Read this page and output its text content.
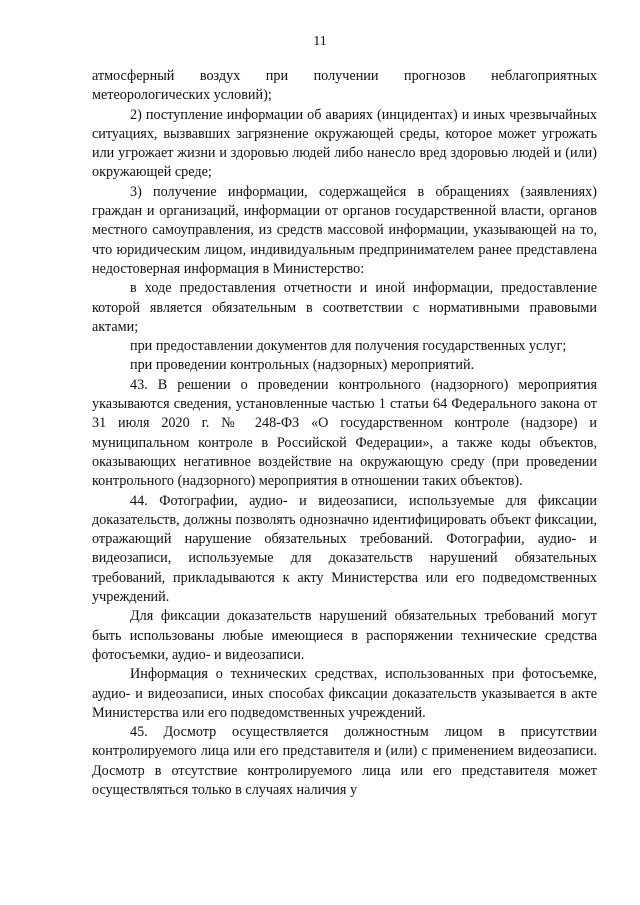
11

атмосферный воздух при получении прогнозов неблагоприятных метеорологических условий);

2) поступление информации об авариях (инцидентах) и иных чрезвычайных ситуациях, вызвавших загрязнение окружающей среды, которое может угрожать или угрожает жизни и здоровью людей либо нанесло вред здоровью людей и (или) окружающей среде;

3) получение информации, содержащейся в обращениях (заявлениях) граждан и организаций, информации от органов государственной власти, органов местного самоуправления, из средств массовой информации, указывающей на то, что юридическим лицом, индивидуальным предпринимателем ранее представлена недостоверная информация в Министерство:

в ходе предоставления отчетности и иной информации, предоставление которой является обязательным в соответствии с нормативными правовыми актами;

при предоставлении документов для получения государственных услуг;

при проведении контрольных (надзорных) мероприятий.

43. В решении о проведении контрольного (надзорного) мероприятия указываются сведения, установленные частью 1 статьи 64 Федерального закона от 31 июля 2020 г. № 248-ФЗ «О государственном контроле (надзоре) и муниципальном контроле в Российской Федерации», а также коды объектов, оказывающих негативное воздействие на окружающую среду (при проведении контрольного (надзорного) мероприятия в отношении таких объектов).

44. Фотографии, аудио- и видеозаписи, используемые для фиксации доказательств, должны позволять однозначно идентифицировать объект фиксации, отражающий нарушение обязательных требований. Фотографии, аудио- и видеозаписи, используемые для доказательств нарушений обязательных требований, прикладываются к акту Министерства или его подведомственных учреждений.

Для фиксации доказательств нарушений обязательных требований могут быть использованы любые имеющиеся в распоряжении технические средства фотосъемки, аудио- и видеозаписи.

Информация о технических средствах, использованных при фотосъемке, аудио- и видеозаписи, иных способах фиксации доказательств указывается в акте Министерства или его подведомственных учреждений.

45. Досмотр осуществляется должностным лицом в присутствии контролируемого лица или его представителя и (или) с применением видеозаписи. Досмотр в отсутствие контролируемого лица или его представителя может осуществляться только в случаях наличия у
